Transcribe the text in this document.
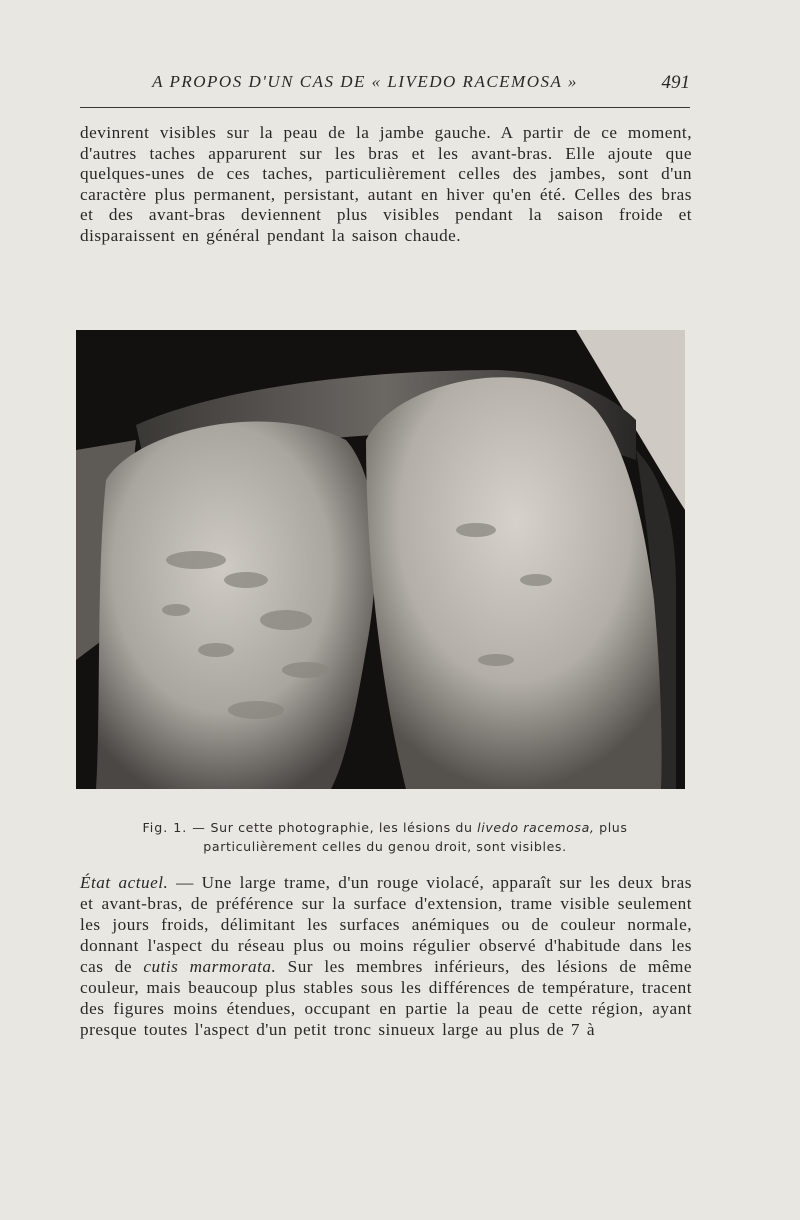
A PROPOS D'UN CAS DE « LIVEDO RACEMOSA »	491

devinrent visibles sur la peau de la jambe gauche. A partir de ce moment, d'autres taches apparurent sur les bras et les avant-bras. Elle ajoute que quelques-unes de ces taches, particulièrement celles des jambes, sont d'un caractère plus permanent, persistant, autant en hiver qu'en été. Celles des bras et des avant-bras deviennent plus visibles pendant la saison froide et disparaissent en général pendant la saison chaude.

Fig. 1. — Sur cette photographie, les lésions du livedo racemosa, plus particulièrement celles du genou droit, sont visibles.

État actuel. — Une large trame, d'un rouge violacé, apparaît sur les deux bras et avant-bras, de préférence sur la surface d'extension, trame visible seulement les jours froids, délimitant les surfaces anémiques ou de couleur normale, donnant l'aspect du réseau plus ou moins régulier observé d'habitude dans les cas de cutis marmorata. Sur les membres inférieurs, des lésions de même couleur, mais beaucoup plus stables sous les différences de température, tracent des figures moins étendues, occupant en partie la peau de cette région, ayant presque toutes l'aspect d'un petit tronc sinueux large au plus de 7 à
